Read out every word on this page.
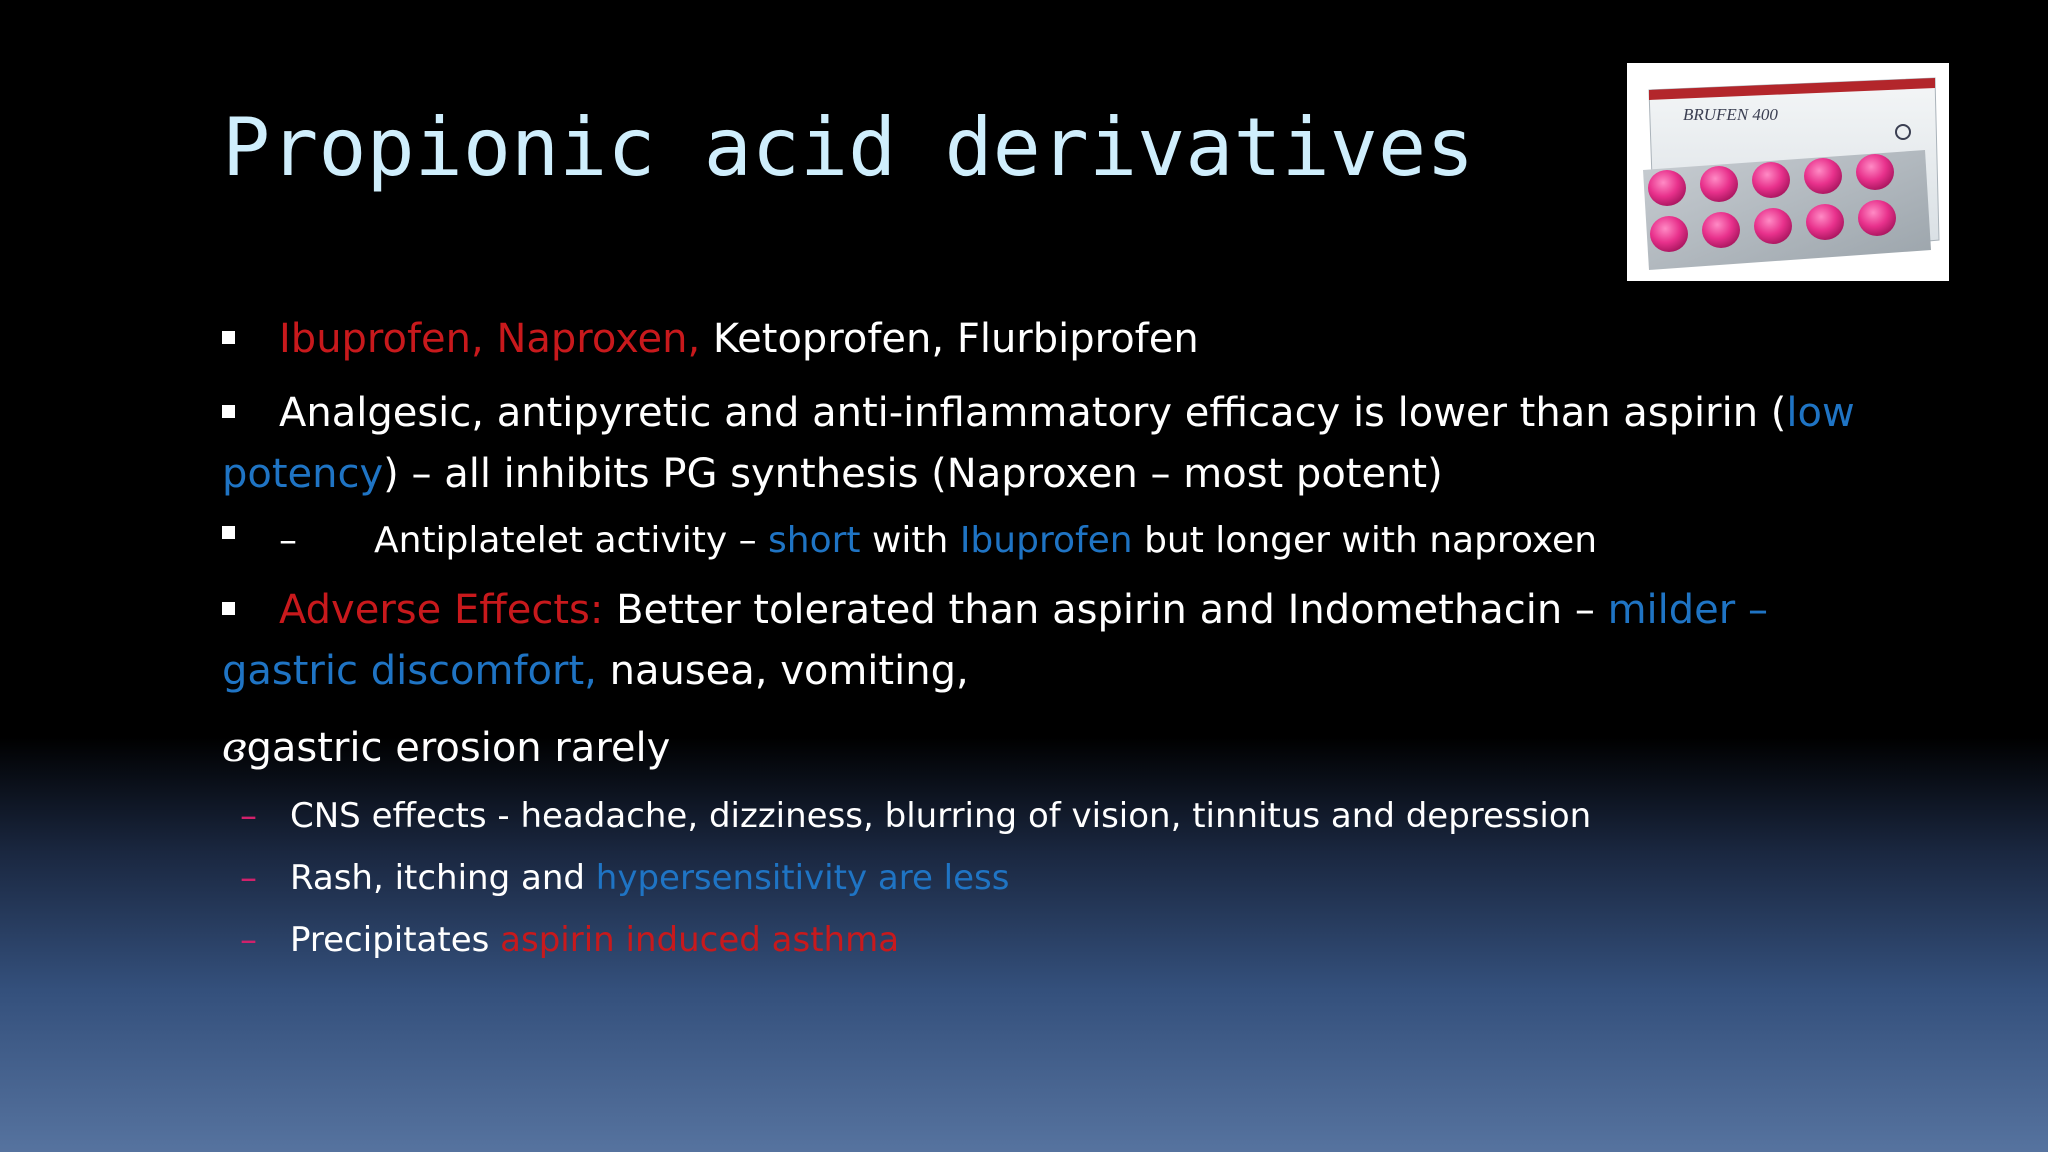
Propionic acid derivatives	BRUFEN 400
Ibuprofen, Naproxen, Ketoprofen, Flurbiprofen
Analgesic, antipyretic and anti-inflammatory efficacy is lower than aspirin (low
potency) – all inhibits PG synthesis (Naproxen – most potent)
– Antiplatelet activity – short with Ibuprofen but longer with naproxen
Adverse Effects: Better tolerated than aspirin and Indomethacin – milder –
gastric discomfort, nausea, vomiting,
ɞgastric erosion rarely
– CNS effects - headache, dizziness, blurring of vision, tinnitus and depression
– Rash, itching and hypersensitivity are less
– Precipitates aspirin induced asthma
